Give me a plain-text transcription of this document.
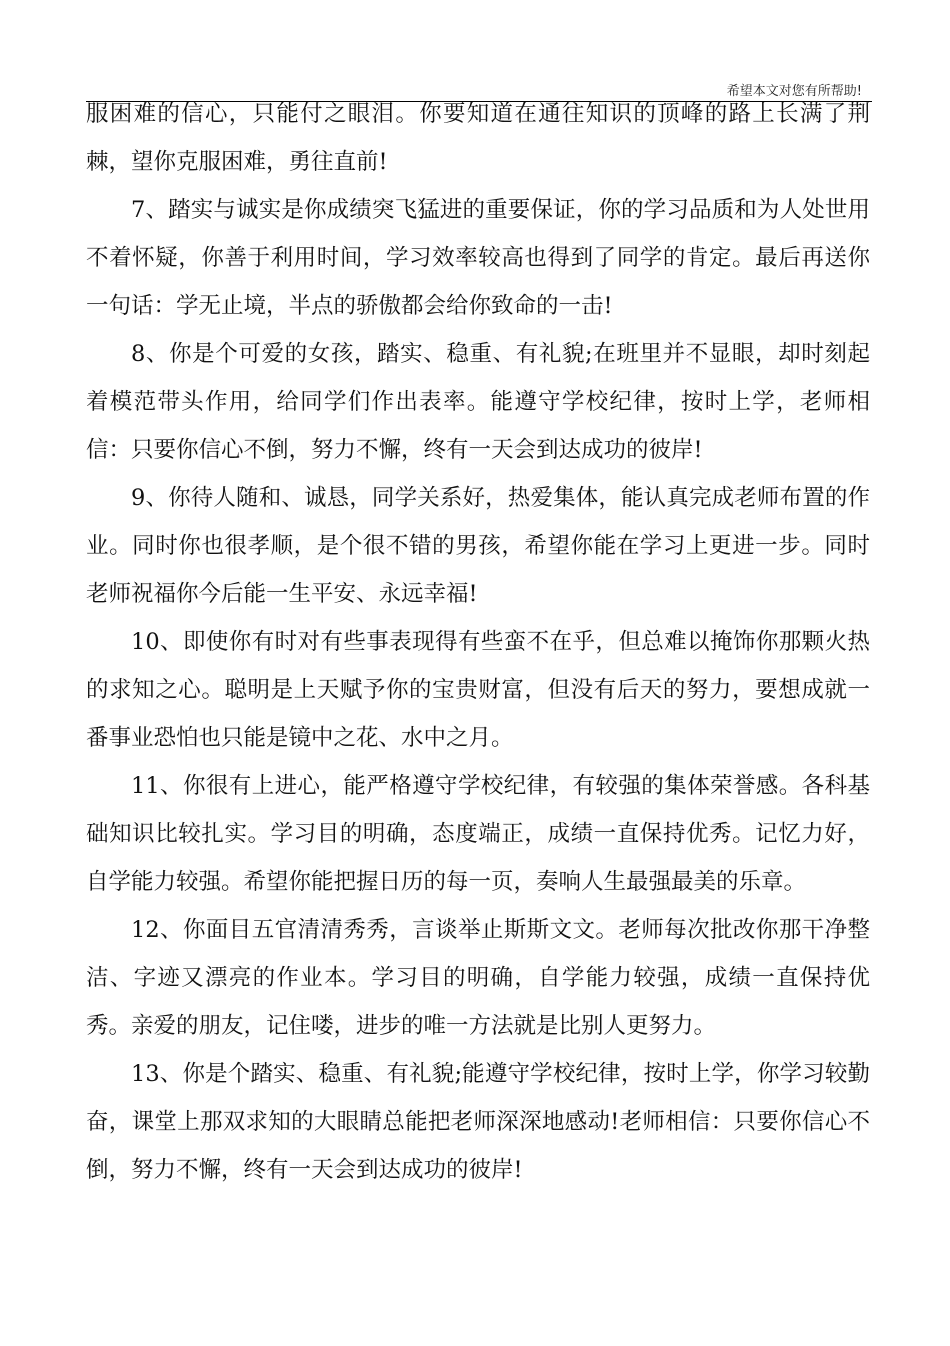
希望本文对您有所帮助!

服困难的信心，只能付之眼泪。你要知道在通往知识的顶峰的路上长满了荆棘，望你克服困难，勇往直前!

7、踏实与诚实是你成绩突飞猛进的重要保证，你的学习品质和为人处世用不着怀疑，你善于利用时间，学习效率较高也得到了同学的肯定。最后再送你一句话：学无止境，半点的骄傲都会给你致命的一击!

8、你是个可爱的女孩，踏实、稳重、有礼貌;在班里并不显眼，却时刻起着模范带头作用，给同学们作出表率。能遵守学校纪律，按时上学，老师相信：只要你信心不倒，努力不懈，终有一天会到达成功的彼岸!

9、你待人随和、诚恳，同学关系好，热爱集体，能认真完成老师布置的作业。同时你也很孝顺，是个很不错的男孩，希望你能在学习上更进一步。同时老师祝福你今后能一生平安、永远幸福!

10、即使你有时对有些事表现得有些蛮不在乎，但总难以掩饰你那颗火热的求知之心。聪明是上天赋予你的宝贵财富，但没有后天的努力，要想成就一番事业恐怕也只能是镜中之花、水中之月。

11、你很有上进心，能严格遵守学校纪律，有较强的集体荣誉感。各科基础知识比较扎实。学习目的明确，态度端正，成绩一直保持优秀。记忆力好，自学能力较强。希望你能把握日历的每一页，奏响人生最强最美的乐章。

12、你面目五官清清秀秀，言谈举止斯斯文文。老师每次批改你那干净整洁、字迹又漂亮的作业本。学习目的明确，自学能力较强，成绩一直保持优秀。亲爱的朋友，记住喽，进步的唯一方法就是比别人更努力。

13、你是个踏实、稳重、有礼貌;能遵守学校纪律，按时上学，你学习较勤奋，课堂上那双求知的大眼睛总能把老师深深地感动!老师相信：只要你信心不倒，努力不懈，终有一天会到达成功的彼岸!
